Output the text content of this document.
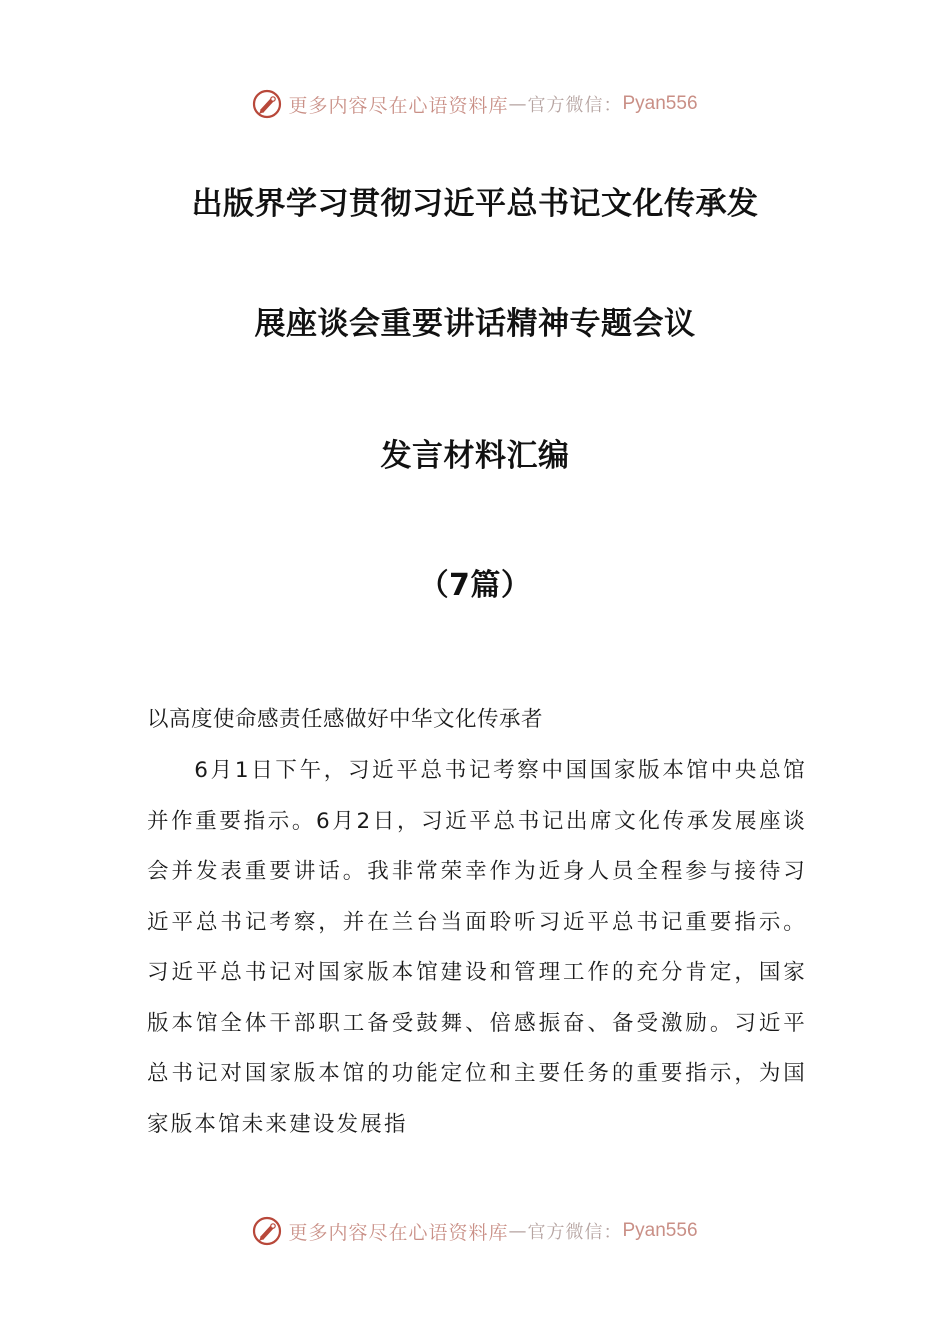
更多内容尽在心语资料库 — 官方微信： Pyan556
出版界学习贯彻习近平总书记文化传承发
展座谈会重要讲话精神专题会议
发言材料汇编
（7篇）
以高度使命感责任感做好中华文化传承者

6月1日下午，习近平总书记考察中国国家版本馆中央总馆并作重要指示。6月2日，习近平总书记出席文化传承发展座谈会并发表重要讲话。我非常荣幸作为近身人员全程参与接待习近平总书记考察，并在兰台当面聆听习近平总书记重要指示。习近平总书记对国家版本馆建设和管理工作的充分肯定，国家版本馆全体干部职工备受鼓舞、倍感振奋、备受激励。习近平总书记对国家版本馆的功能定位和主要任务的重要指示，为国家版本馆未来建设发展指

更多内容尽在心语资料库 — 官方微信： Pyan556
